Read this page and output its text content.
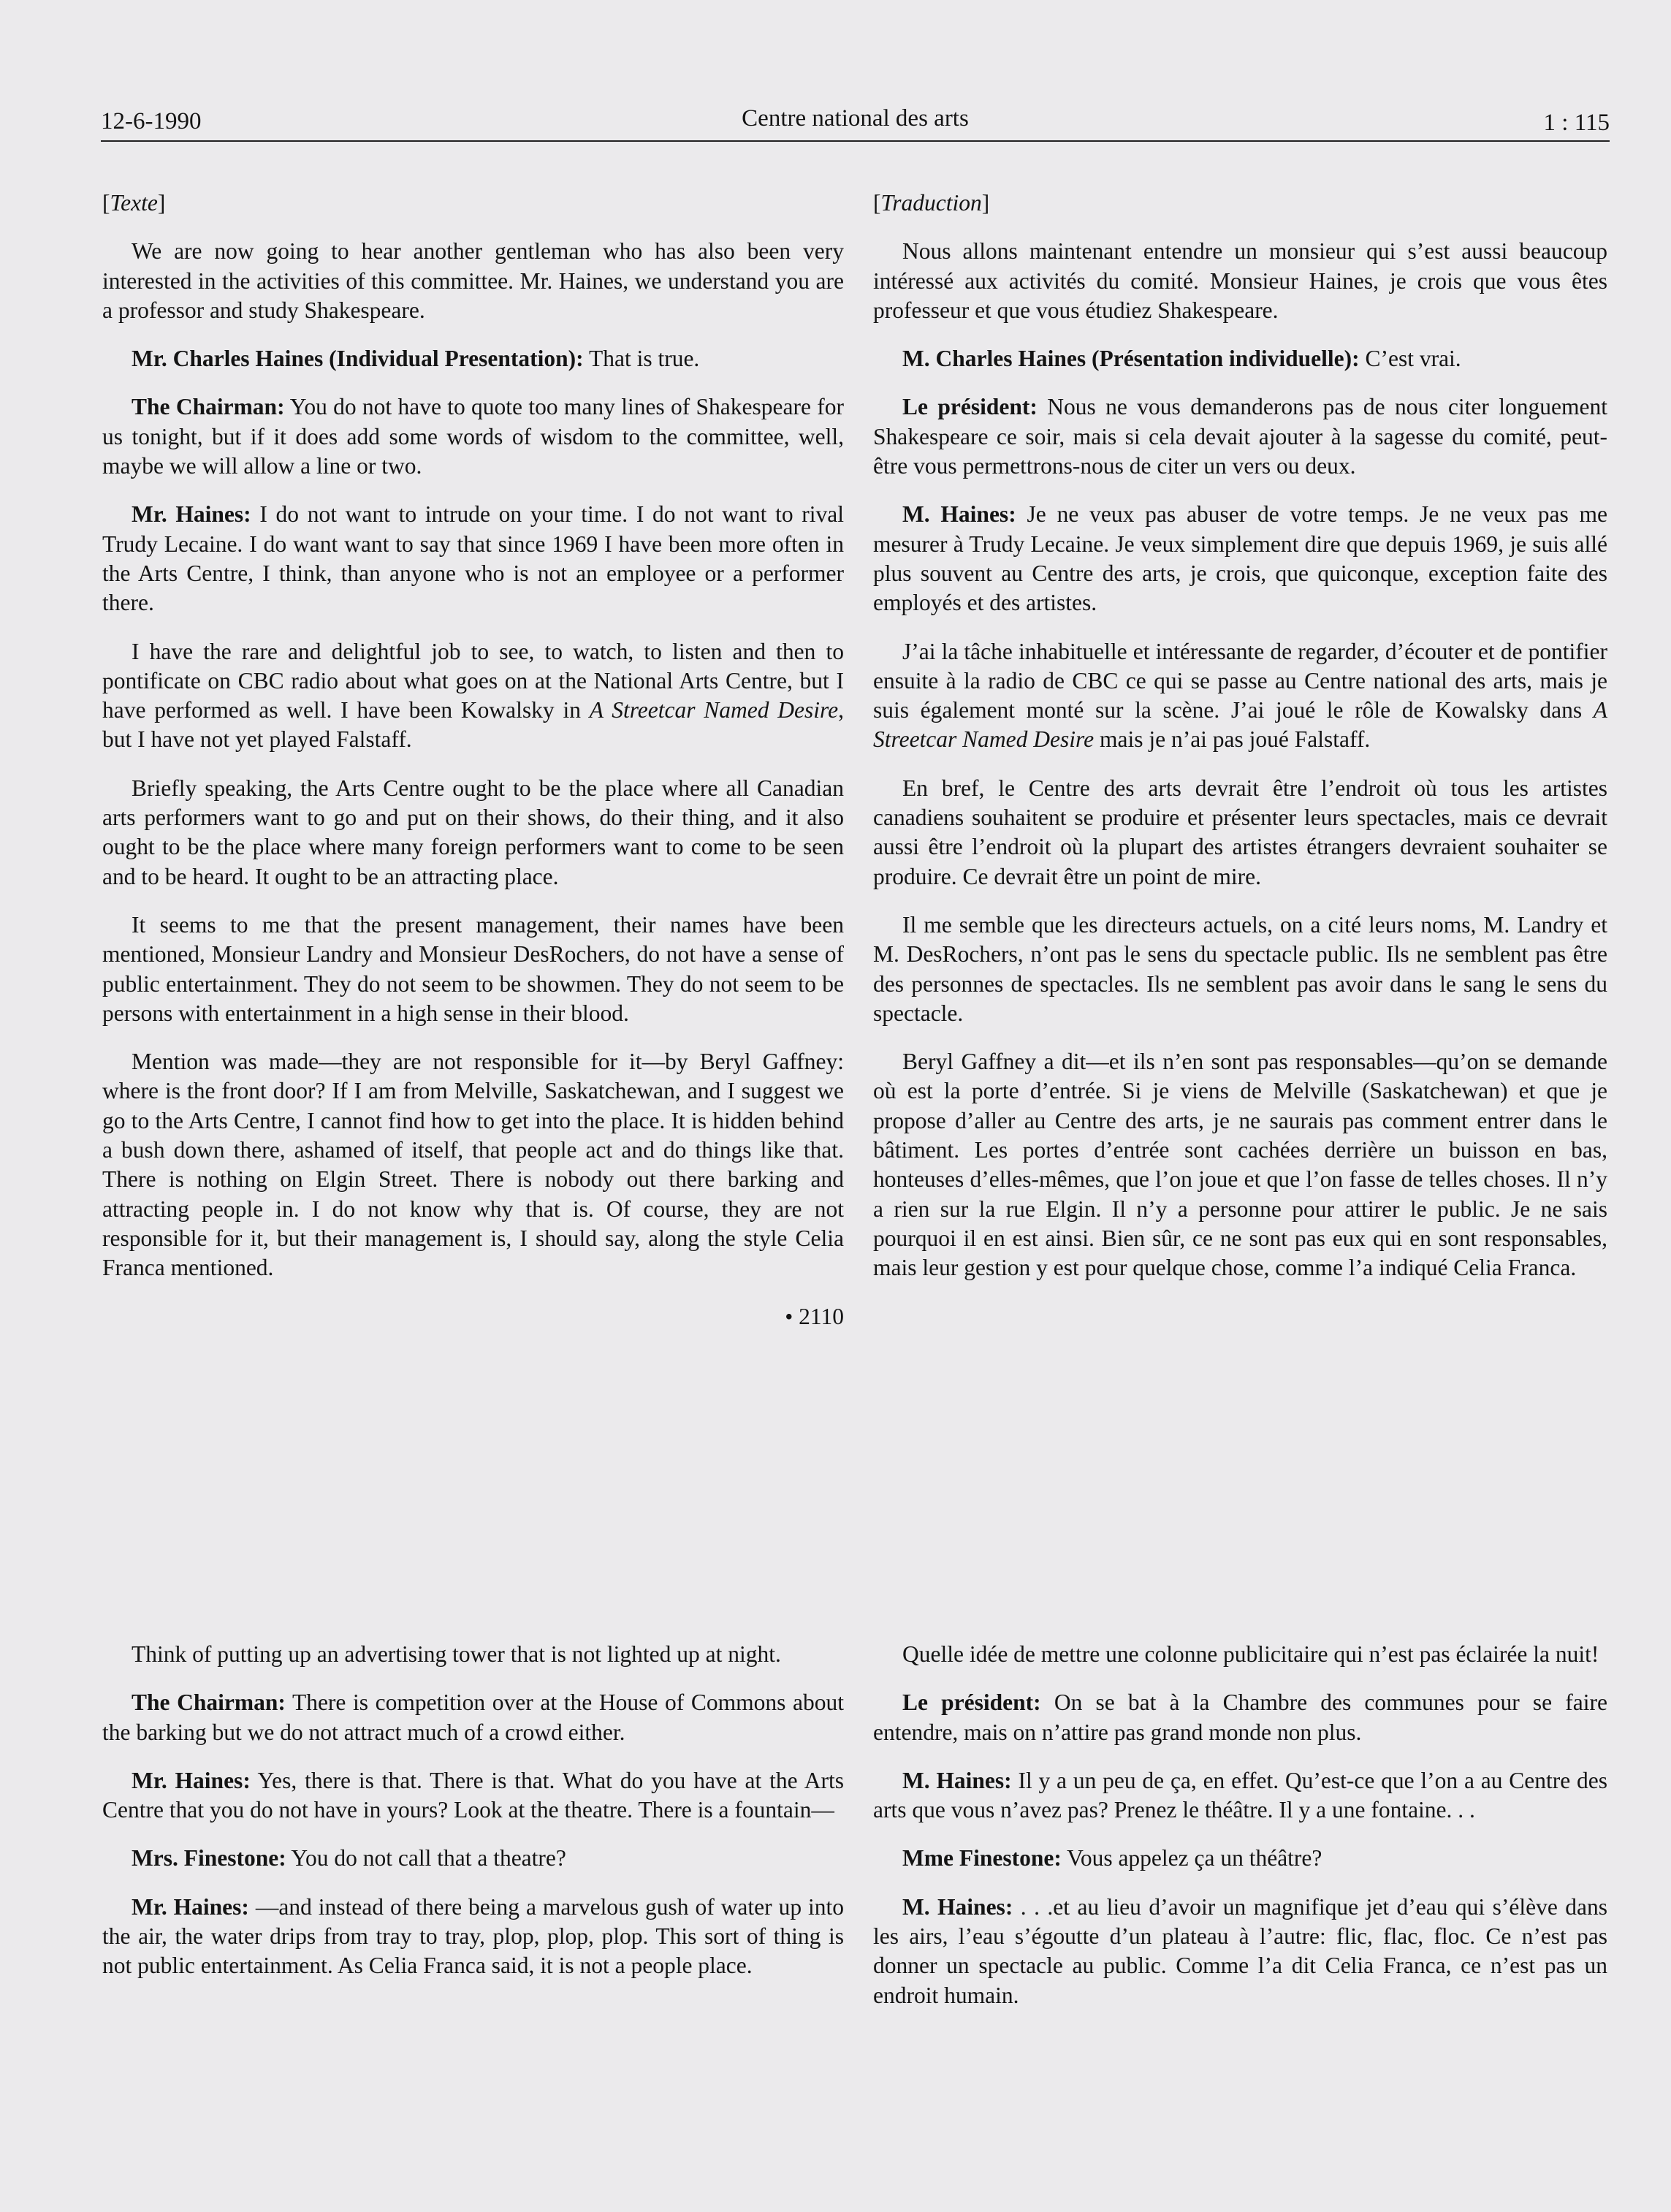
12-6-1990	Centre national des arts	1 : 115

[Texte]

We are now going to hear another gentleman who has also been very interested in the activities of this committee. Mr. Haines, we understand you are a professor and study Shakespeare.

Mr. Charles Haines (Individual Presentation): That is true.

The Chairman: You do not have to quote too many lines of Shakespeare for us tonight, but if it does add some words of wisdom to the committee, well, maybe we will allow a line or two.

Mr. Haines: I do not want to intrude on your time. I do not want to rival Trudy Lecaine. I do want want to say that since 1969 I have been more often in the Arts Centre, I think, than anyone who is not an employee or a performer there.

I have the rare and delightful job to see, to watch, to listen and then to pontificate on CBC radio about what goes on at the National Arts Centre, but I have performed as well. I have been Kowalsky in A Streetcar Named Desire, but I have not yet played Falstaff.

Briefly speaking, the Arts Centre ought to be the place where all Canadian arts performers want to go and put on their shows, do their thing, and it also ought to be the place where many foreign performers want to come to be seen and to be heard. It ought to be an attracting place.

It seems to me that the present management, their names have been mentioned, Monsieur Landry and Monsieur DesRochers, do not have a sense of public entertainment. They do not seem to be showmen. They do not seem to be persons with entertainment in a high sense in their blood.

Mention was made—they are not responsible for it—by Beryl Gaffney: where is the front door? If I am from Melville, Saskatchewan, and I suggest we go to the Arts Centre, I cannot find how to get into the place. It is hidden behind a bush down there, ashamed of itself, that people act and do things like that. There is nothing on Elgin Street. There is nobody out there barking and attracting people in. I do not know why that is. Of course, they are not responsible for it, but their management is, I should say, along the style Celia Franca mentioned.

• 2110

Think of putting up an advertising tower that is not lighted up at night.

The Chairman: There is competition over at the House of Commons about the barking but we do not attract much of a crowd either.

Mr. Haines: Yes, there is that. There is that. What do you have at the Arts Centre that you do not have in yours? Look at the theatre. There is a fountain—

Mrs. Finestone: You do not call that a theatre?

Mr. Haines: —and instead of there being a marvelous gush of water up into the air, the water drips from tray to tray, plop, plop, plop. This sort of thing is not public entertainment. As Celia Franca said, it is not a people place.

[Traduction]

Nous allons maintenant entendre un monsieur qui s’est aussi beaucoup intéressé aux activités du comité. Monsieur Haines, je crois que vous êtes professeur et que vous étudiez Shakespeare.

M. Charles Haines (Présentation individuelle): C’est vrai.

Le président: Nous ne vous demanderons pas de nous citer longuement Shakespeare ce soir, mais si cela devait ajouter à la sagesse du comité, peut-être vous permettrons-nous de citer un vers ou deux.

M. Haines: Je ne veux pas abuser de votre temps. Je ne veux pas me mesurer à Trudy Lecaine. Je veux simplement dire que depuis 1969, je suis allé plus souvent au Centre des arts, je crois, que quiconque, exception faite des employés et des artistes.

J’ai la tâche inhabituelle et intéressante de regarder, d’écouter et de pontifier ensuite à la radio de CBC ce qui se passe au Centre national des arts, mais je suis également monté sur la scène. J’ai joué le rôle de Kowalsky dans A Streetcar Named Desire mais je n’ai pas joué Falstaff.

En bref, le Centre des arts devrait être l’endroit où tous les artistes canadiens souhaitent se produire et présenter leurs spectacles, mais ce devrait aussi être l’endroit où la plupart des artistes étrangers devraient souhaiter se produire. Ce devrait être un point de mire.

Il me semble que les directeurs actuels, on a cité leurs noms, M. Landry et M. DesRochers, n’ont pas le sens du spectacle public. Ils ne semblent pas être des personnes de spectacles. Ils ne semblent pas avoir dans le sang le sens du spectacle.

Beryl Gaffney a dit—et ils n’en sont pas responsables—qu’on se demande où est la porte d’entrée. Si je viens de Melville (Saskatchewan) et que je propose d’aller au Centre des arts, je ne saurais pas comment entrer dans le bâtiment. Les portes d’entrée sont cachées derrière un buisson en bas, honteuses d’elles-mêmes, que l’on joue et que l’on fasse de telles choses. Il n’y a rien sur la rue Elgin. Il n’y a personne pour attirer le public. Je ne sais pourquoi il en est ainsi. Bien sûr, ce ne sont pas eux qui en sont responsables, mais leur gestion y est pour quelque chose, comme l’a indiqué Celia Franca.

Quelle idée de mettre une colonne publicitaire qui n’est pas éclairée la nuit!

Le président: On se bat à la Chambre des communes pour se faire entendre, mais on n’attire pas grand monde non plus.

M. Haines: Il y a un peu de ça, en effet. Qu’est-ce que l’on a au Centre des arts que vous n’avez pas? Prenez le théâtre. Il y a une fontaine. . .

Mme Finestone: Vous appelez ça un théâtre?

M. Haines: . . .et au lieu d’avoir un magnifique jet d’eau qui s’élève dans les airs, l’eau s’égoutte d’un plateau à l’autre: flic, flac, floc. Ce n’est pas donner un spectacle au public. Comme l’a dit Celia Franca, ce n’est pas un endroit humain.
